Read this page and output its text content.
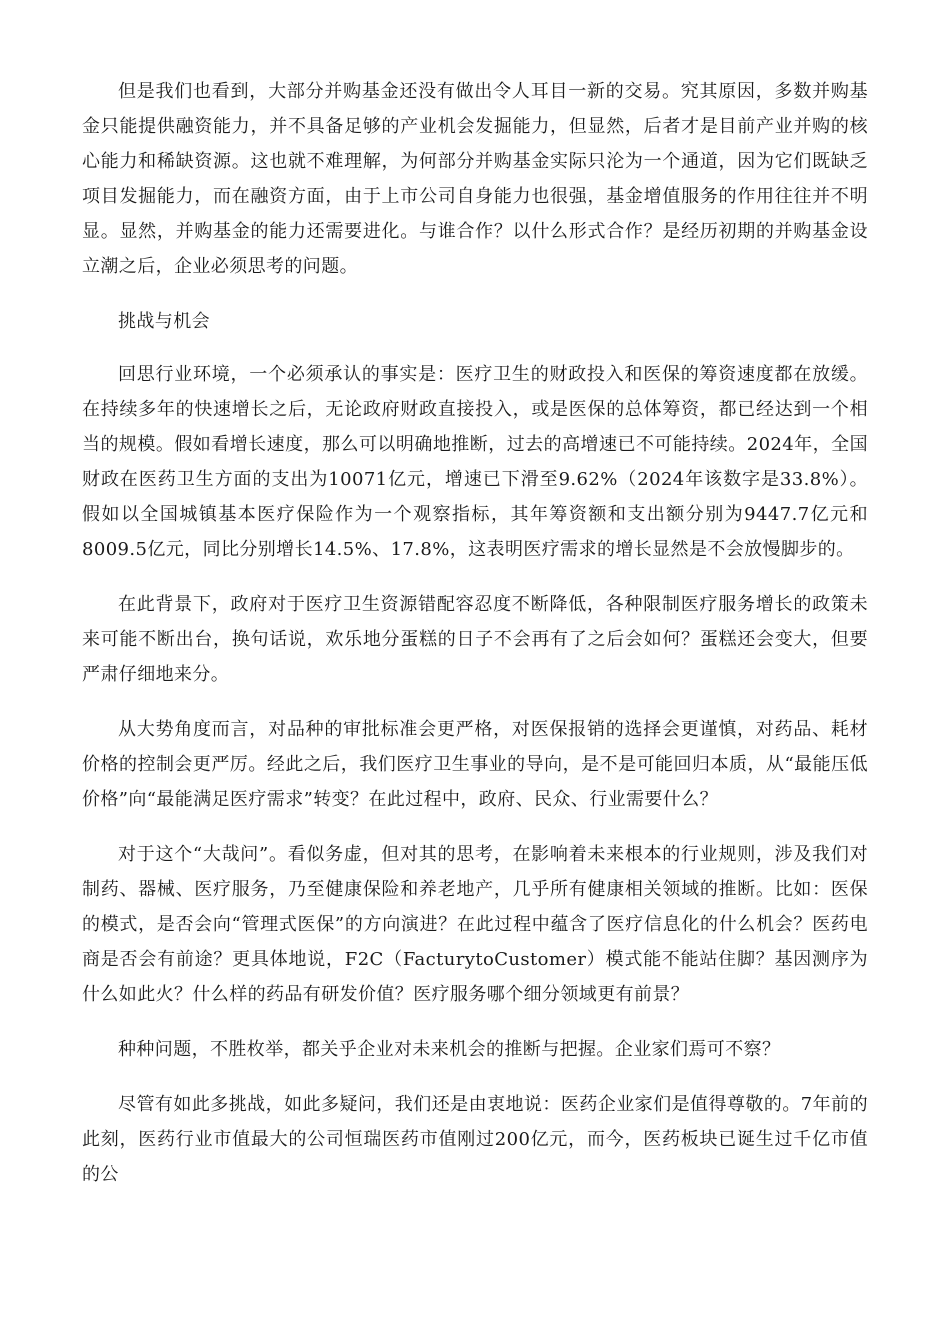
但是我们也看到，大部分并购基金还没有做出令人耳目一新的交易。究其原因，多数并购基金只能提供融资能力，并不具备足够的产业机会发掘能力，但显然，后者才是目前产业并购的核心能力和稀缺资源。这也就不难理解，为何部分并购基金实际只沦为一个通道，因为它们既缺乏项目发掘能力，而在融资方面，由于上市公司自身能力也很强，基金增值服务的作用往往并不明显。显然，并购基金的能力还需要进化。与谁合作？以什么形式合作？是经历初期的并购基金设立潮之后，企业必须思考的问题。

挑战与机会

回思行业环境，一个必须承认的事实是：医疗卫生的财政投入和医保的筹资速度都在放缓。在持续多年的快速增长之后，无论政府财政直接投入，或是医保的总体筹资，都已经达到一个相当的规模。假如看增长速度，那么可以明确地推断，过去的高增速已不可能持续。2024年，全国财政在医药卫生方面的支出为10071亿元，增速已下滑至9.62%（2024年该数字是33.8%）。假如以全国城镇基本医疗保险作为一个观察指标，其年筹资额和支出额分别为9447.7亿元和8009.5亿元，同比分别增长14.5%、17.8%，这表明医疗需求的增长显然是不会放慢脚步的。

在此背景下，政府对于医疗卫生资源错配容忍度不断降低，各种限制医疗服务增长的政策未来可能不断出台，换句话说，欢乐地分蛋糕的日子不会再有了之后会如何？蛋糕还会变大，但要严肃仔细地来分。

从大势角度而言，对品种的审批标准会更严格，对医保报销的选择会更谨慎，对药品、耗材价格的控制会更严厉。经此之后，我们医疗卫生事业的导向，是不是可能回归本质，从“最能压低价格”向“最能满足医疗需求”转变？在此过程中，政府、民众、行业需要什么？

对于这个“大哉问”。看似务虚，但对其的思考，在影响着未来根本的行业规则，涉及我们对制药、器械、医疗服务，乃至健康保险和养老地产，几乎所有健康相关领域的推断。比如：医保的模式，是否会向“管理式医保”的方向演进？在此过程中蕴含了医疗信息化的什么机会？医药电商是否会有前途？更具体地说，F2C（FacturytoCustomer）模式能不能站住脚？基因测序为什么如此火？什么样的药品有研发价值？医疗服务哪个细分领域更有前景？

种种问题，不胜枚举，都关乎企业对未来机会的推断与把握。企业家们焉可不察？

尽管有如此多挑战，如此多疑问，我们还是由衷地说：医药企业家们是值得尊敬的。7年前的此刻，医药行业市值最大的公司恒瑞医药市值刚过200亿元，而今，医药板块已诞生过千亿市值的公
